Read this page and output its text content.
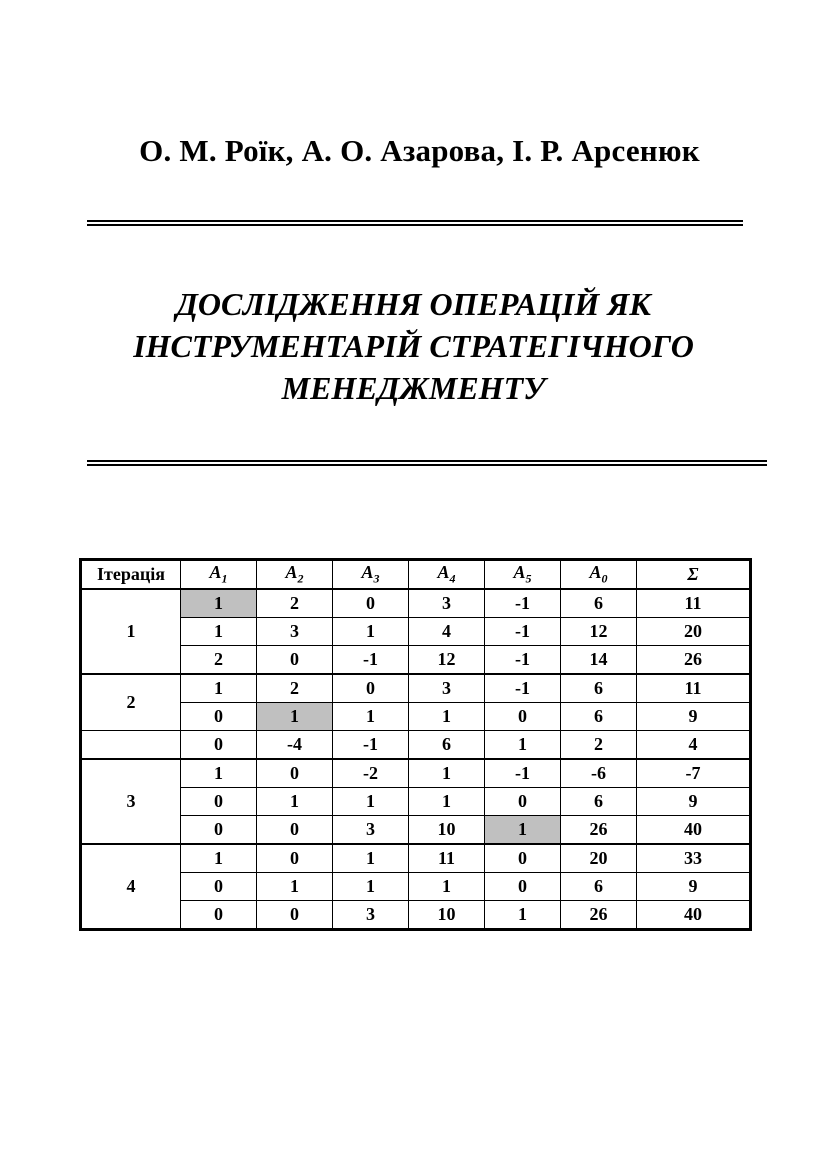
О. М. Роїк, А. О. Азарова, І. Р. Арсенюк
ДОСЛІДЖЕННЯ ОПЕРАЦІЙ ЯК
ІНСТРУМЕНТАРІЙ СТРАТЕГІЧНОГО
МЕНЕДЖМЕНТУ
Ітерація	$A_1$	$A_2$	$A_3$	$A_4$	$A_5$	$A_0$	Σ
1	1	2	0	3	-1	6	11
	1	3	1	4	-1	12	20
	2	0	-1	12	-1	14	26
2	1	2	0	3	-1	6	11
	0	1	1	1	0	6	9
	0	-4	-1	6	1	2	4
3	1	0	-2	1	-1	-6	-7
	0	1	1	1	0	6	9
	0	0	3	10	1	26	40
4	1	0	1	11	0	20	33
	0	1	1	1	0	6	9
	0	0	3	10	1	26	40
